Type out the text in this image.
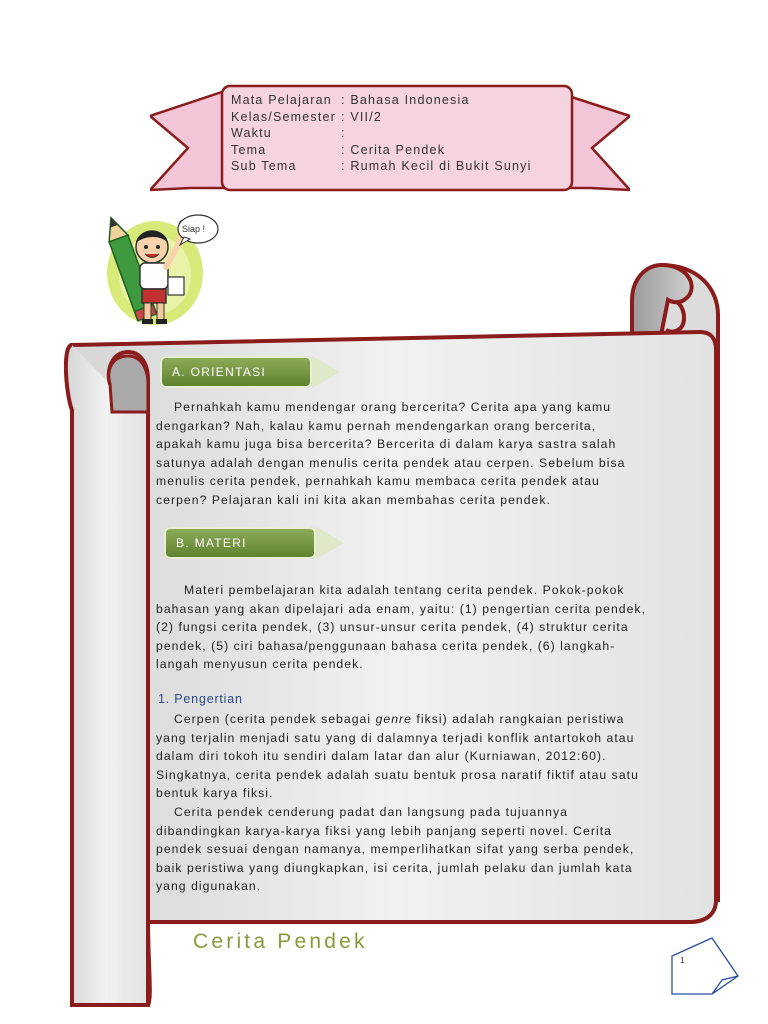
Mata Pelajaran : Bahasa Indonesia
Kelas/Semester : VII/2
Waktu	:
Tema	: Cerita Pendek
Sub Tema	: Rumah Kecil di Bukit Sunyi
Siap !
A. ORIENTASI
Pernahkah kamu mendengar orang bercerita? Cerita apa yang kamu
dengarkan? Nah, kalau kamu pernah mendengarkan orang bercerita,
apakah kamu juga bisa bercerita? Bercerita di dalam karya sastra salah
satunya adalah dengan menulis cerita pendek atau cerpen. Sebelum bisa
menulis cerita pendek, pernahkah kamu membaca cerita pendek atau
cerpen? Pelajaran kali ini kita akan membahas cerita pendek.
B. MATERI
Materi pembelajaran kita adalah tentang cerita pendek. Pokok-pokok
bahasan yang akan dipelajari ada enam, yaitu: (1) pengertian cerita pendek,
(2) fungsi cerita pendek, (3) unsur-unsur cerita pendek, (4) struktur cerita
pendek, (5) ciri bahasa/penggunaan bahasa cerita pendek, (6) langkah-
langah menyusun cerita pendek.
1. Pengertian
Cerpen (cerita pendek sebagai genre fiksi) adalah rangkaian peristiwa
yang terjalin menjadi satu yang di dalamnya terjadi konflik antartokoh atau
dalam diri tokoh itu sendiri dalam latar dan alur (Kurniawan, 2012:60).
Singkatnya, cerita pendek adalah suatu bentuk prosa naratif fiktif atau satu
bentuk karya fiksi.
Cerita pendek cenderung padat dan langsung pada tujuannya
dibandingkan karya-karya fiksi yang lebih panjang seperti novel. Cerita
pendek sesuai dengan namanya, memperlihatkan sifat yang serba pendek,
baik peristiwa yang diungkapkan, isi cerita, jumlah pelaku dan jumlah kata
yang digunakan.
Cerita Pendek
1
